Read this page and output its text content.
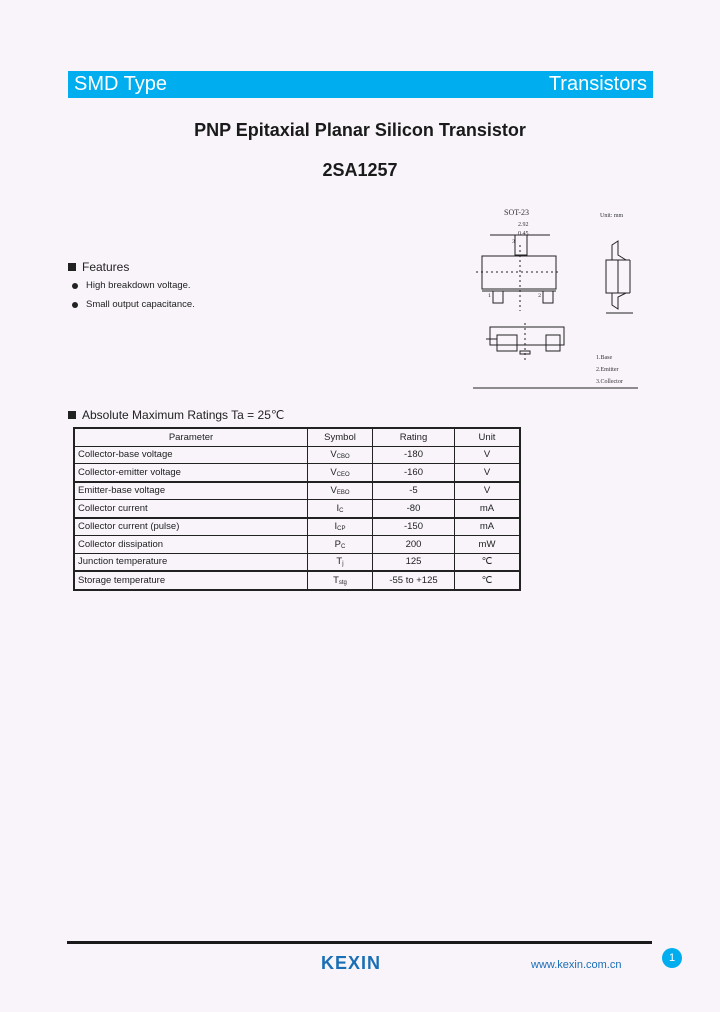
SMD Type	Transistors
PNP Epitaxial Planar Silicon Transistor
2SA1257
Features
High breakdown voltage.
Small output capacitance.
SOT-23	Unit: mm
2.92
0.45
1.Base
2.Emitter
3.Collector
1	2
3
Absolute Maximum Ratings Ta = 25℃
Parameter	Symbol	Rating	Unit
Collector-base voltage	$V_{CBO}$	-180	V
Collector-emitter voltage	$V_{CEO}$	-160	V
Emitter-base voltage	$V_{EBO}$	-5	V
Collector current	$I_C$	-80	mA
Collector current (pulse)	$I_{CP}$	-150	mA
Collector dissipation	$P_C$	200	mW
Junction temperature	$T_j$	125	℃
Storage temperature	$T_{stg}$	-55 to +125	℃
KEXIN	www.kexin.com.cn
1
